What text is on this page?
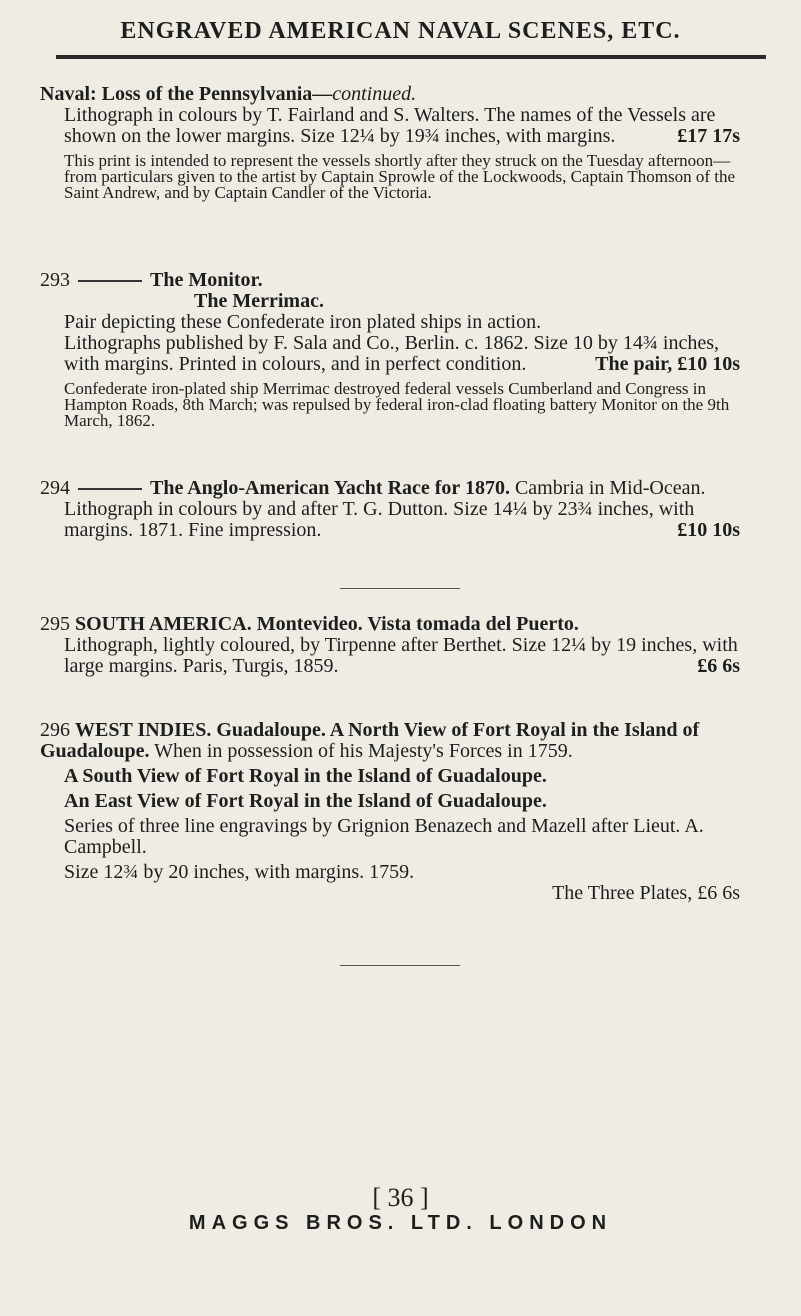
ENGRAVED AMERICAN NAVAL SCENES, ETC.

Naval: Loss of the Pennsylvania—continued.

Lithograph in colours by T. Fairland and S. Walters. The names of the Vessels are shown on the lower margins. Size 12¼ by 19¾ inches, with margins.	£17 17s

This print is intended to represent the vessels shortly after they struck on the Tuesday afternoon—from particulars given to the artist by Captain Sprowle of the Lockwoods, Captain Thomson of the Saint Andrew, and by Captain Candler of the Victoria.

293	The Monitor.

The Merrimac.

Pair depicting these Confederate iron plated ships in action.

Lithographs published by F. Sala and Co., Berlin. c. 1862. Size 10 by 14¾ inches, with margins. Printed in colours, and in perfect condition.	The pair, £10 10s

Confederate iron-plated ship Merrimac destroyed federal vessels Cumberland and Congress in Hampton Roads, 8th March; was repulsed by federal iron-clad floating battery Monitor on the 9th March, 1862.

294	The Anglo-American Yacht Race for 1870. Cambria in Mid-Ocean.

Lithograph in colours by and after T. G. Dutton. Size 14¼ by 23¾ inches, with margins. 1871. Fine impression.	£10 10s

295 SOUTH AMERICA. Montevideo. Vista tomada del Puerto.

Lithograph, lightly coloured, by Tirpenne after Berthet. Size 12¼ by 19 inches, with large margins. Paris, Turgis, 1859.	£6 6s

296 WEST INDIES. Guadaloupe. A North View of Fort Royal in the Island of Guadaloupe. When in possession of his Majesty's Forces in 1759.

A South View of Fort Royal in the Island of Guadaloupe.

An East View of Fort Royal in the Island of Guadaloupe.

Series of three line engravings by Grignion Benazech and Mazell after Lieut. A. Campbell.

Size 12¾ by 20 inches, with margins. 1759.

The Three Plates, £6 6s

[ 36 ]
MAGGS BROS. LTD. LONDON
